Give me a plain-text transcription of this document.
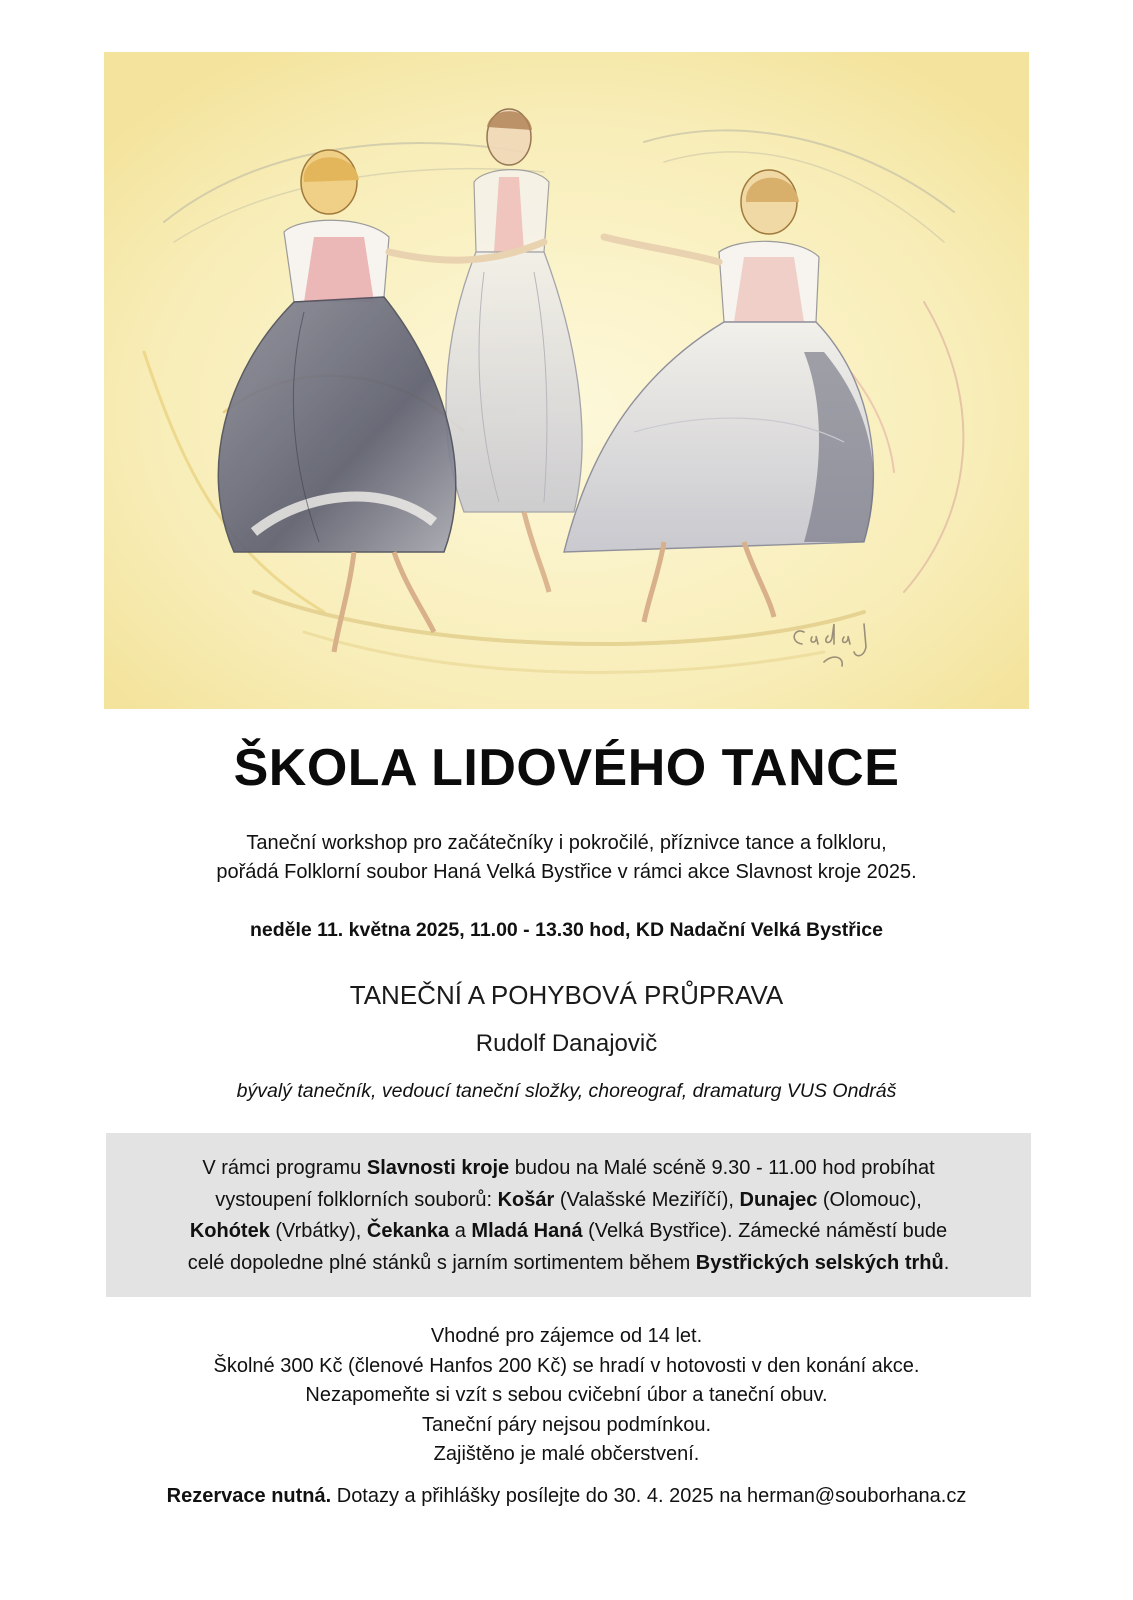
ŠKOLA LIDOVÉHO TANCE
Taneční workshop pro začátečníky i pokročilé, příznivce tance a folkloru,
pořádá Folklorní soubor Haná Velká Bystřice v rámci akce Slavnost kroje 2025.
neděle 11. května 2025, 11.00 - 13.30 hod, KD Nadační Velká Bystřice
TANEČNÍ A POHYBOVÁ PRŮPRAVA
Rudolf Danajovič
bývalý tanečník, vedoucí taneční složky, choreograf, dramaturg VUS Ondráš
V rámci programu Slavnosti kroje budou na Malé scéně 9.30 - 11.00 hod probíhat
vystoupení folklorních souborů: Košár (Valašské Meziříčí), Dunajec (Olomouc),
Kohótek (Vrbátky), Čekanka a Mladá Haná (Velká Bystřice). Zámecké náměstí bude
celé dopoledne plné stánků s jarním sortimentem během Bystřických selských trhů.
Vhodné pro zájemce od 14 let.
Školné 300 Kč (členové Hanfos 200 Kč) se hradí v hotovosti v den konání akce.
Nezapomeňte si vzít s sebou cvičební úbor a taneční obuv.
Taneční páry nejsou podmínkou.
Zajištěno je malé občerstvení.
Rezervace nutná. Dotazy a přihlášky posílejte do 30. 4. 2025 na herman@souborhana.cz
